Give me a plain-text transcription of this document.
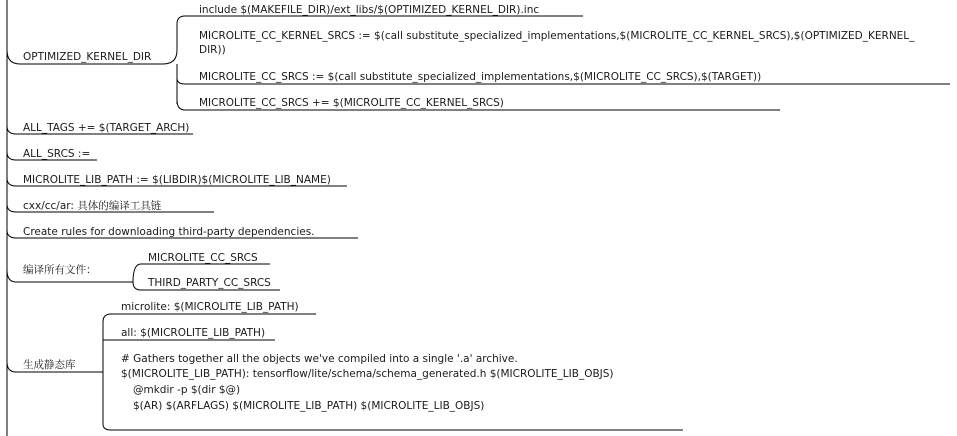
OPTIMIZED_KERNEL_DIR
include $(MAKEFILE_DIR)/ext_libs/$(OPTIMIZED_KERNEL_DIR).inc
MICROLITE_CC_KERNEL_SRCS := $(call substitute_specialized_implementations,$(MICROLITE_CC_KERNEL_SRCS),$(OPTIMIZED_KERNEL_
DIR))
MICROLITE_CC_SRCS := $(call substitute_specialized_implementations,$(MICROLITE_CC_SRCS),$(TARGET))
MICROLITE_CC_SRCS += $(MICROLITE_CC_KERNEL_SRCS)
ALL_TAGS += $(TARGET_ARCH)
ALL_SRCS :=
MICROLITE_LIB_PATH := $(LIBDIR)$(MICROLITE_LIB_NAME)
cxx/cc/ar: 具体的编译工具链
Create rules for downloading third-party dependencies.
编译所有文件：
MICROLITE_CC_SRCS
THIRD_PARTY_CC_SRCS
生成静态库
microlite: $(MICROLITE_LIB_PATH)
all: $(MICROLITE_LIB_PATH)
# Gathers together all the objects we've compiled into a single '.a' archive.
$(MICROLITE_LIB_PATH): tensorflow/lite/schema/schema_generated.h $(MICROLITE_LIB_OBJS)
@mkdir -p $(dir $@)
$(AR) $(ARFLAGS) $(MICROLITE_LIB_PATH) $(MICROLITE_LIB_OBJS)
